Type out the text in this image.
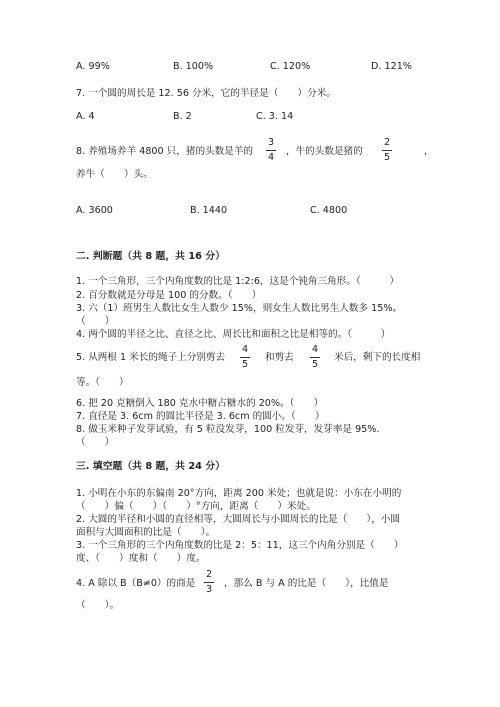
A. 99%	B. 100%	C. 120%	D. 121%
7. 一个圆的周长是 12. 56 分米，它的半径是（　　）分米。
A. 4	B. 2	C. 3. 14
8. 养殖场养羊 4800 只，猪的头数是羊的
3
4
，牛的头数是猪的
2
5
，
养牛（　　）头。
A. 3600	B. 1440	C. 4800
二. 判断题（共 8 题，共 16 分）
1. 一个三角形，三个内角度数的比是 1:2:6，这是个钝角三角形。（　　　）
2. 百分数就是分母是 100 的分数。（　　）
3. 六（1）班男生人数比女生人数少 15%，则女生人数比男生人数多 15%。
（　　）
4. 两个圆的半径之比、直径之比、周长比和面积之比是相等的。（　　　）
5. 从两根 1 米长的绳子上分别剪去
4
5
和剪去
4
5
米后，剩下的长度相
等。（　　）
6. 把 20 克糖倒入 180 克水中糖占糖水的 20%。（　　）
7. 直径是 3. 6cm 的圆比半径是 3. 6cm 的圆小。（　　）
8. 做玉米种子发芽试验，有 5 粒没发芽，100 粒发芽，发芽率是 95%.
（　　）
三. 填空题（共 8 题，共 24 分）
1. 小明在小东的东偏南 20°方向，距离 200 米处；也就是说：小东在小明的
（　　）偏（　　）（　　）°方向，距离（　　）米处。
2. 大圆的半径和小圆的直径相等，大圆周长与小圆周长的比是（　　），小圆
面积与大圆面积的比是（　　）。
3. 一个三角形的三个内角度数的比是 2：5：11，这三个内角分别是（　　）
度、（　　）度和（　　）度。
4. A 除以 B（B≠0）的商是
2
3
，那么 B 与 A 的比是（　　），比值是
（　　）。
